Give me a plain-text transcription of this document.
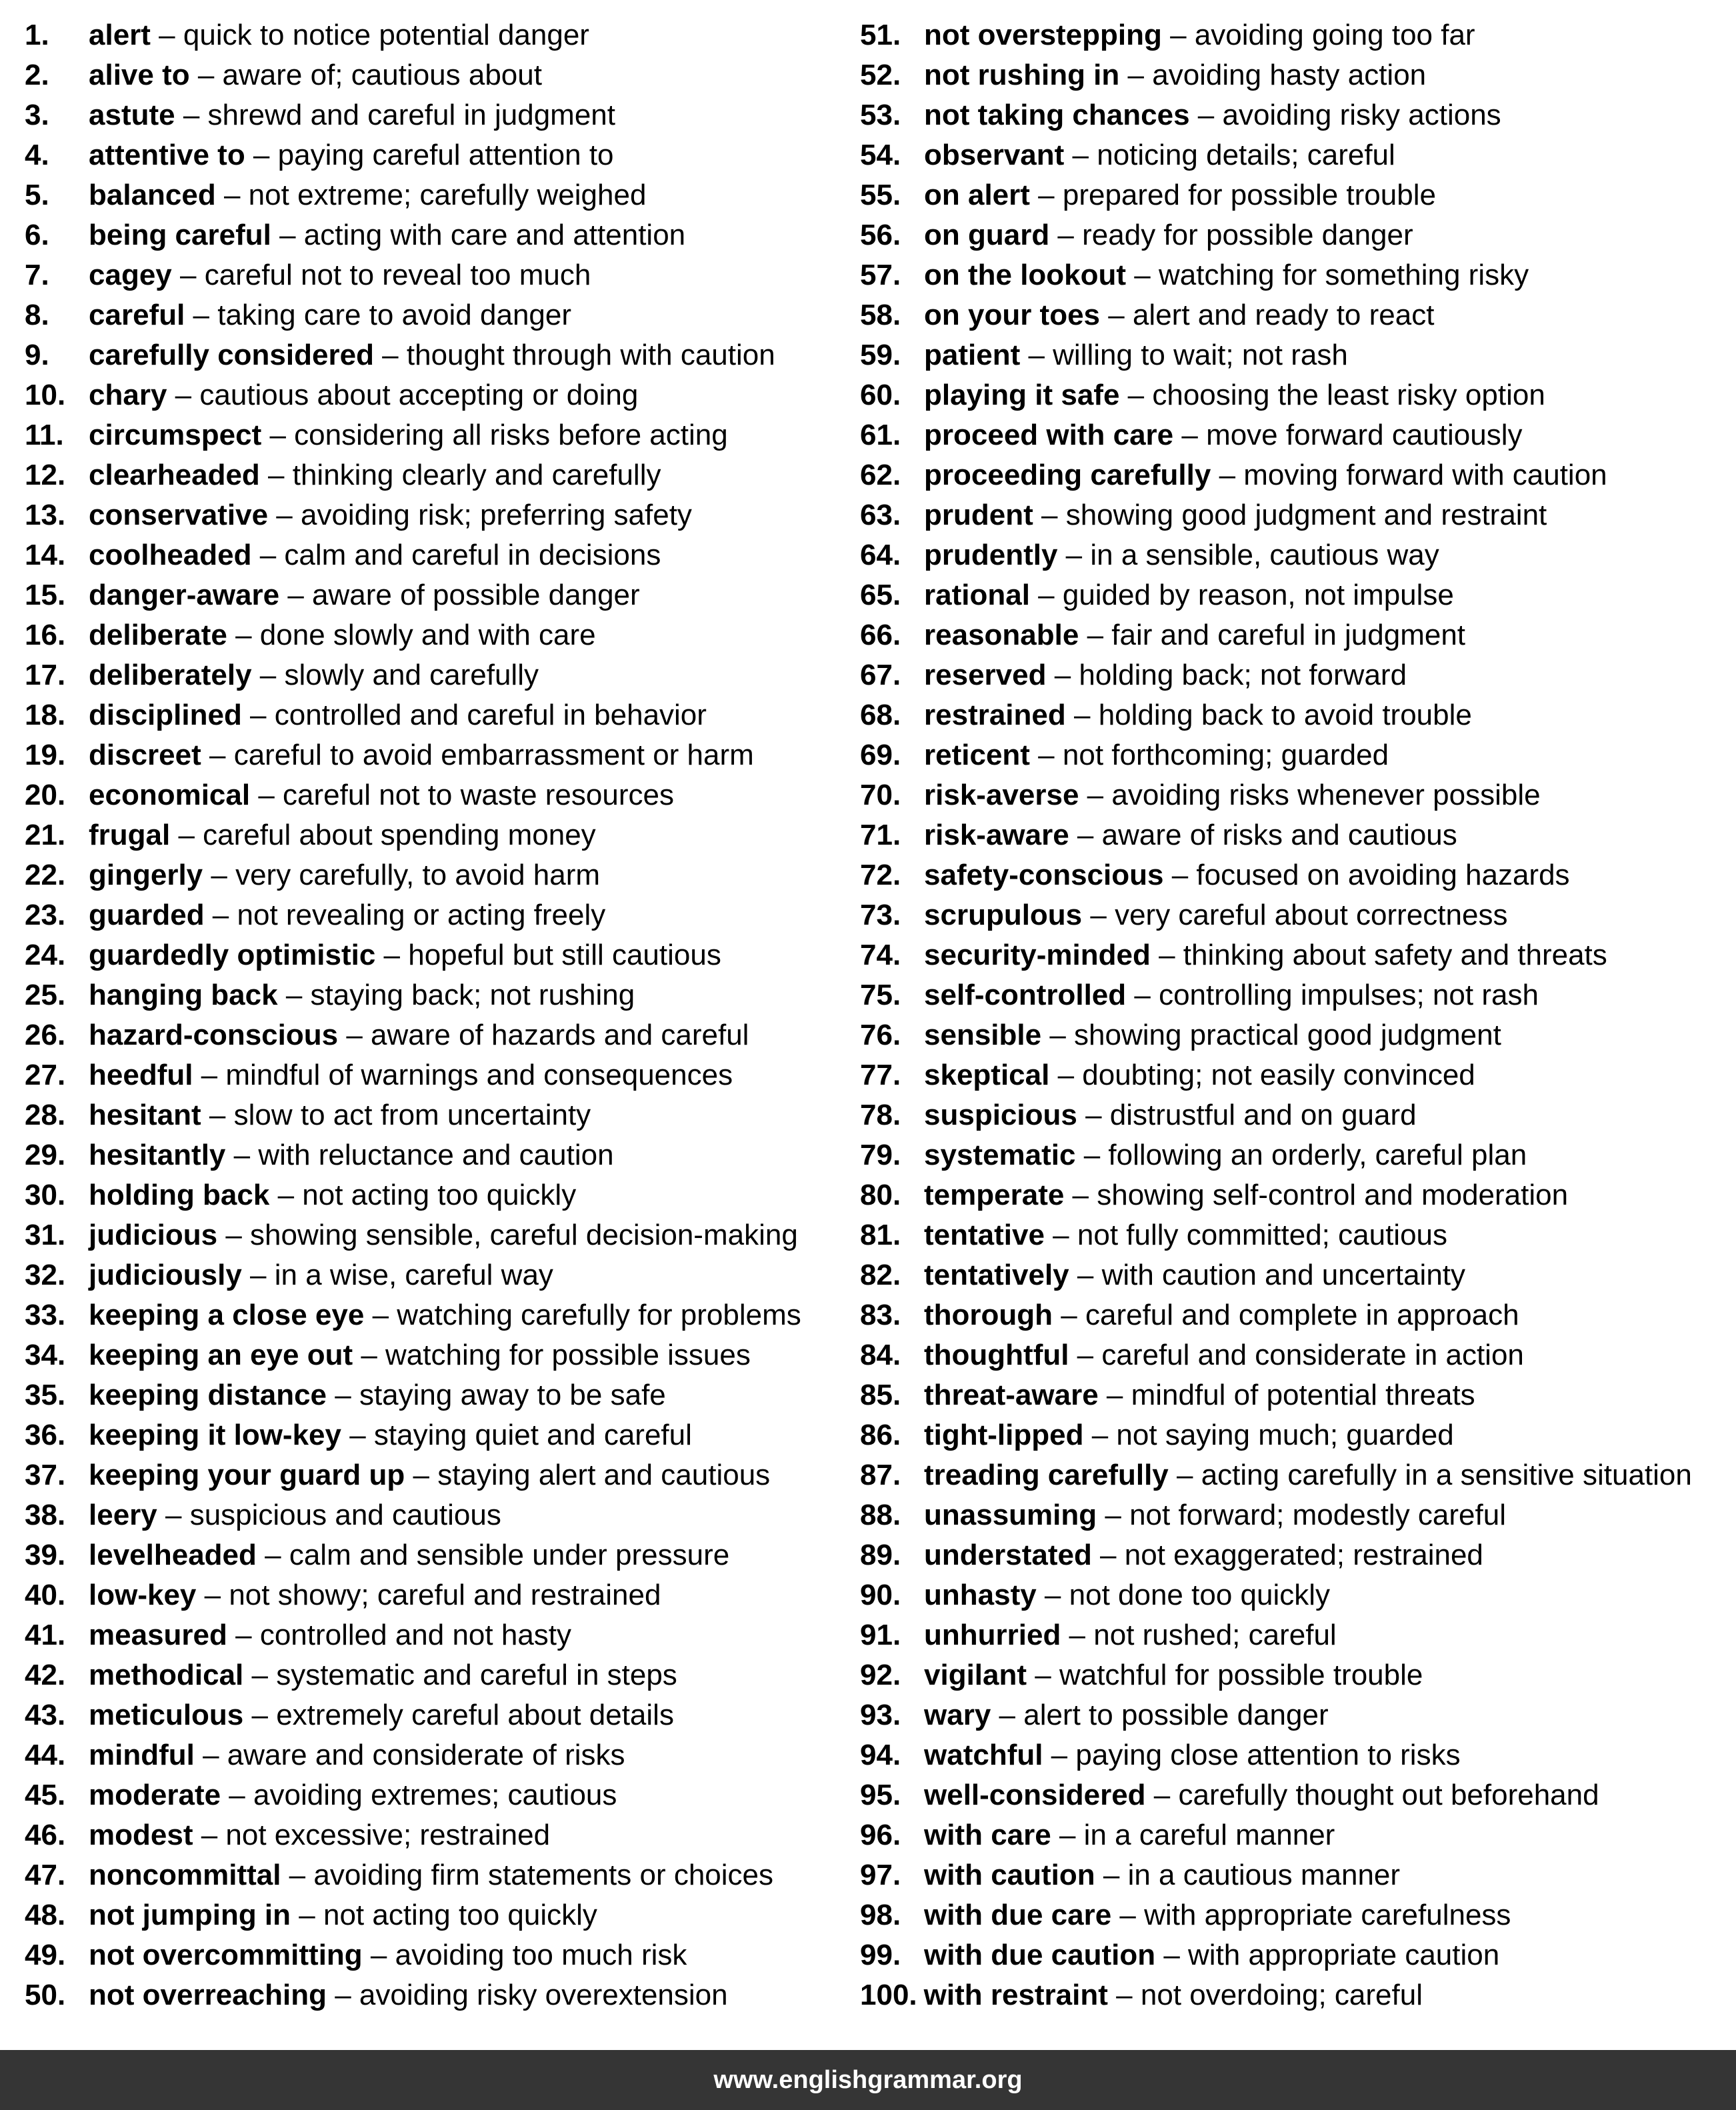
1. alert – quick to notice potential danger
2. alive to – aware of; cautious about
3. astute – shrewd and careful in judgment
4. attentive to – paying careful attention to
5. balanced – not extreme; carefully weighed
6. being careful – acting with care and attention
7. cagey – careful not to reveal too much
8. careful – taking care to avoid danger
9. carefully considered – thought through with caution
10. chary – cautious about accepting or doing
11. circumspect – considering all risks before acting
12. clearheaded – thinking clearly and carefully
13. conservative – avoiding risk; preferring safety
14. coolheaded – calm and careful in decisions
15. danger-aware – aware of possible danger
16. deliberate – done slowly and with care
17. deliberately – slowly and carefully
18. disciplined – controlled and careful in behavior
19. discreet – careful to avoid embarrassment or harm
20. economical – careful not to waste resources
21. frugal – careful about spending money
22. gingerly – very carefully, to avoid harm
23. guarded – not revealing or acting freely
24. guardedly optimistic – hopeful but still cautious
25. hanging back – staying back; not rushing
26. hazard-conscious – aware of hazards and careful
27. heedful – mindful of warnings and consequences
28. hesitant – slow to act from uncertainty
29. hesitantly – with reluctance and caution
30. holding back – not acting too quickly
31. judicious – showing sensible, careful decision-making
32. judiciously – in a wise, careful way
33. keeping a close eye – watching carefully for problems
34. keeping an eye out – watching for possible issues
35. keeping distance – staying away to be safe
36. keeping it low-key – staying quiet and careful
37. keeping your guard up – staying alert and cautious
38. leery – suspicious and cautious
39. levelheaded – calm and sensible under pressure
40. low-key – not showy; careful and restrained
41. measured – controlled and not hasty
42. methodical – systematic and careful in steps
43. meticulous – extremely careful about details
44. mindful – aware and considerate of risks
45. moderate – avoiding extremes; cautious
46. modest – not excessive; restrained
47. noncommittal – avoiding firm statements or choices
48. not jumping in – not acting too quickly
49. not overcommitting – avoiding too much risk
50. not overreaching – avoiding risky overextension
51. not overstepping – avoiding going too far
52. not rushing in – avoiding hasty action
53. not taking chances – avoiding risky actions
54. observant – noticing details; careful
55. on alert – prepared for possible trouble
56. on guard – ready for possible danger
57. on the lookout – watching for something risky
58. on your toes – alert and ready to react
59. patient – willing to wait; not rash
60. playing it safe – choosing the least risky option
61. proceed with care – move forward cautiously
62. proceeding carefully – moving forward with caution
63. prudent – showing good judgment and restraint
64. prudently – in a sensible, cautious way
65. rational – guided by reason, not impulse
66. reasonable – fair and careful in judgment
67. reserved – holding back; not forward
68. restrained – holding back to avoid trouble
69. reticent – not forthcoming; guarded
70. risk-averse – avoiding risks whenever possible
71. risk-aware – aware of risks and cautious
72. safety-conscious – focused on avoiding hazards
73. scrupulous – very careful about correctness
74. security-minded – thinking about safety and threats
75. self-controlled – controlling impulses; not rash
76. sensible – showing practical good judgment
77. skeptical – doubting; not easily convinced
78. suspicious – distrustful and on guard
79. systematic – following an orderly, careful plan
80. temperate – showing self-control and moderation
81. tentative – not fully committed; cautious
82. tentatively – with caution and uncertainty
83. thorough – careful and complete in approach
84. thoughtful – careful and considerate in action
85. threat-aware – mindful of potential threats
86. tight-lipped – not saying much; guarded
87. treading carefully – acting carefully in a sensitive situation
88. unassuming – not forward; modestly careful
89. understated – not exaggerated; restrained
90. unhasty – not done too quickly
91. unhurried – not rushed; careful
92. vigilant – watchful for possible trouble
93. wary – alert to possible danger
94. watchful – paying close attention to risks
95. well-considered – carefully thought out beforehand
96. with care – in a careful manner
97. with caution – in a cautious manner
98. with due care – with appropriate carefulness
99. with due caution – with appropriate caution
100. with restraint – not overdoing; careful
www.englishgrammar.org
